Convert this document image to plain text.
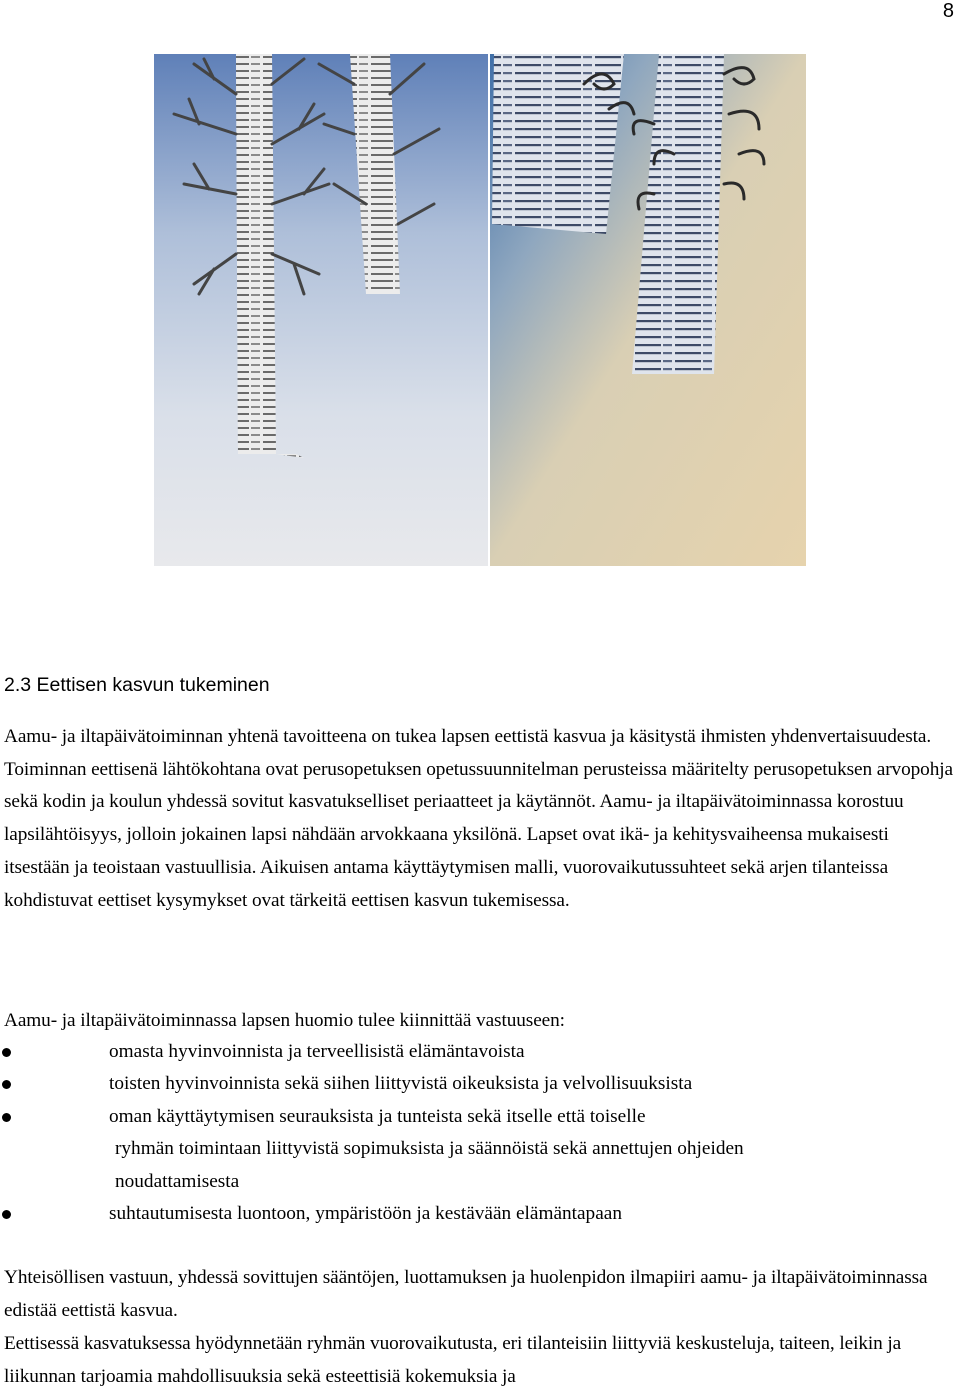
8
2.3 Eettisen kasvun tukeminen

Aamu- ja iltapäivätoiminnan yhtenä tavoitteena on tukea lapsen eettistä kasvua ja käsitystä ihmisten yhdenvertaisuudesta. Toiminnan eettisenä lähtökohtana ovat perusopetuksen opetussuunnitelman perusteissa määritelty perusopetuksen arvopohja sekä kodin ja koulun yhdessä sovitut kasvatukselliset periaatteet ja käytännöt. Aamu- ja iltapäivätoiminnassa korostuu lapsilähtöisyys, jolloin jokainen lapsi nähdään arvokkaana yksilönä. Lapset ovat ikä- ja kehitysvaiheensa mukaisesti itsestään ja teoistaan vastuullisia. Aikuisen antama käyttäytymisen malli, vuorovaikutussuhteet sekä arjen tilanteissa kohdistuvat eettiset kysymykset ovat tärkeitä eettisen kasvun tukemisessa.

Aamu- ja iltapäivätoiminnassa lapsen huomio tulee kiinnittää vastuuseen:

omasta hyvinvoinnista ja terveellisistä elämäntavoista
toisten hyvinvoinnista sekä siihen liittyvistä oikeuksista ja velvollisuuksista
oman käyttäytymisen seurauksista ja tunteista sekä itselle että toiselle
ryhmän toimintaan liittyvistä sopimuksista ja säännöistä sekä annettujen ohjeiden
noudattamisesta
suhtautumisesta luontoon, ympäristöön ja kestävään elämäntapaan

Yhteisöllisen vastuun, yhdessä sovittujen sääntöjen, luottamuksen ja huolenpidon ilmapiiri aamu- ja iltapäivätoiminnassa edistää eettistä kasvua.

Eettisessä kasvatuksessa hyödynnetään ryhmän vuorovaikutusta, eri tilanteisiin liittyviä keskusteluja, taiteen, leikin ja liikunnan tarjoamia mahdollisuuksia sekä esteettisiä kokemuksia ja
